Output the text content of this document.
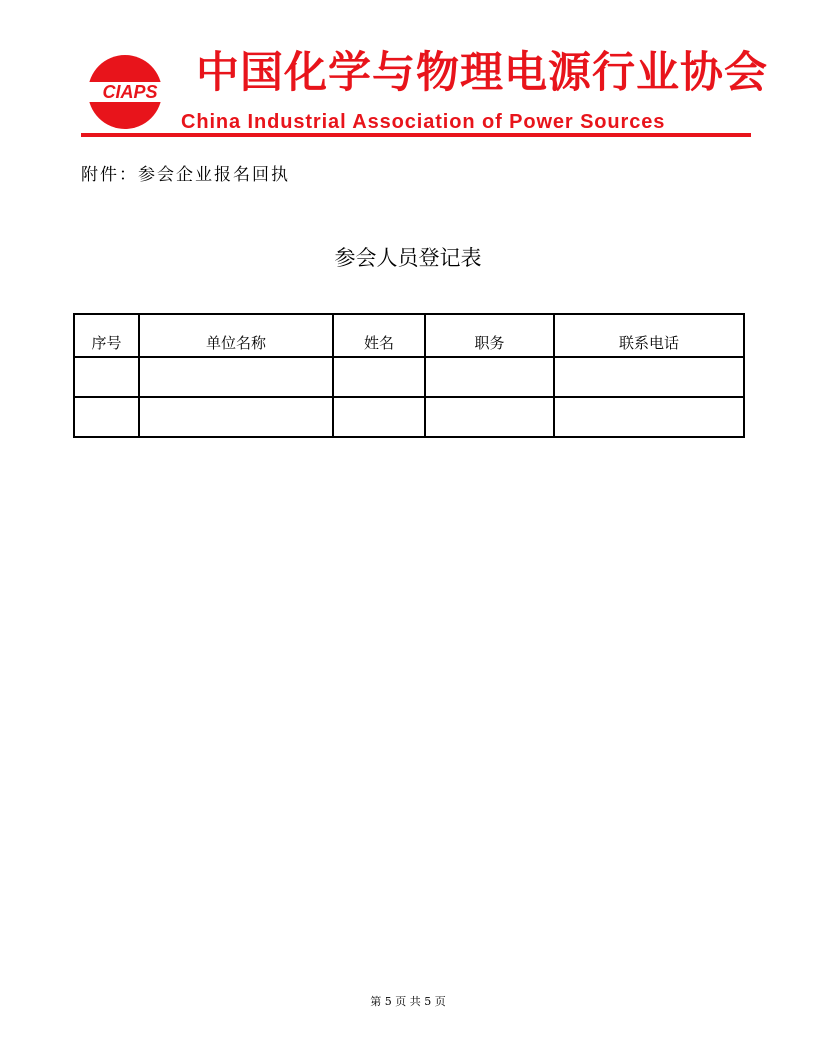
CIAPS 中国化学与物理电源行业协会
China Industrial Association of Power Sources
附件：参会企业报名回执
参会人员登记表
序号	单位名称	姓名	职务	联系电话

第 5 页 共 5 页
